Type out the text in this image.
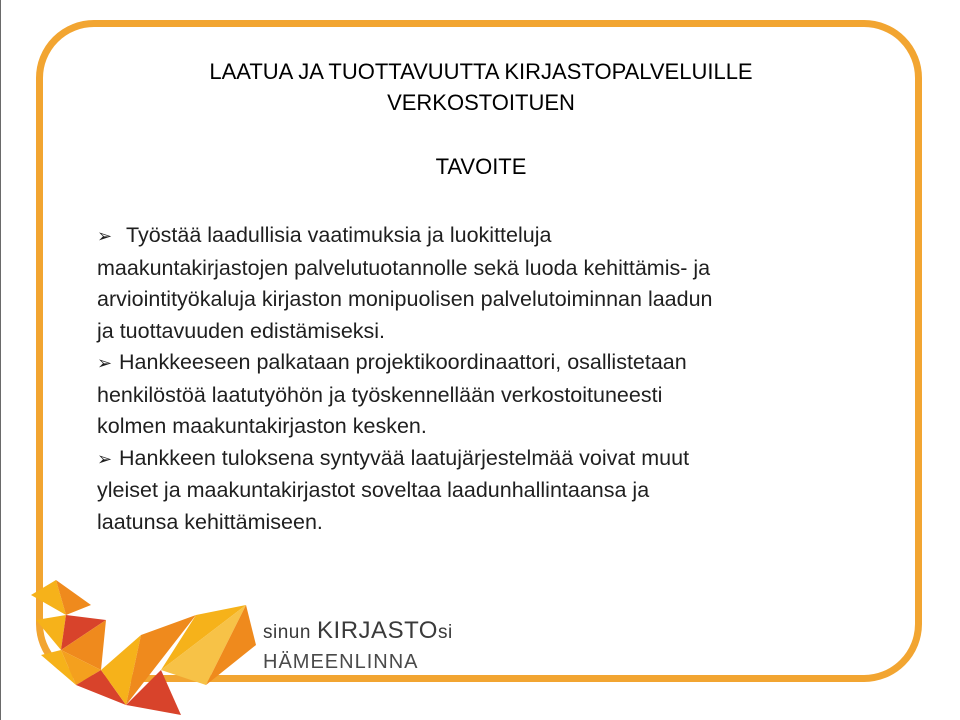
LAATUA JA TUOTTAVUUTTA KIRJASTOPALVELUILLE
VERKOSTOITUEN
TAVOITE
➢ Työstää laadullisia vaatimuksia ja luokitteluja
maakuntakirjastojen palvelutuotannolle sekä luoda kehittämis- ja
arviointityökaluja kirjaston monipuolisen palvelutoiminnan laadun
ja tuottavuuden edistämiseksi.
➢ Hankkeeseen palkataan projektikoordinaattori, osallistetaan
henkilöstöä laatutyöhön ja työskennellään verkostoituneesti
kolmen maakuntakirjaston kesken.
➢ Hankkeen tuloksena syntyvää laatujärjestelmää voivat muut
yleiset ja maakuntakirjastot soveltaa laadunhallintaansa ja
laatunsa kehittämiseen.
sinun KIRJASTOsi
HÄMEENLINNA
